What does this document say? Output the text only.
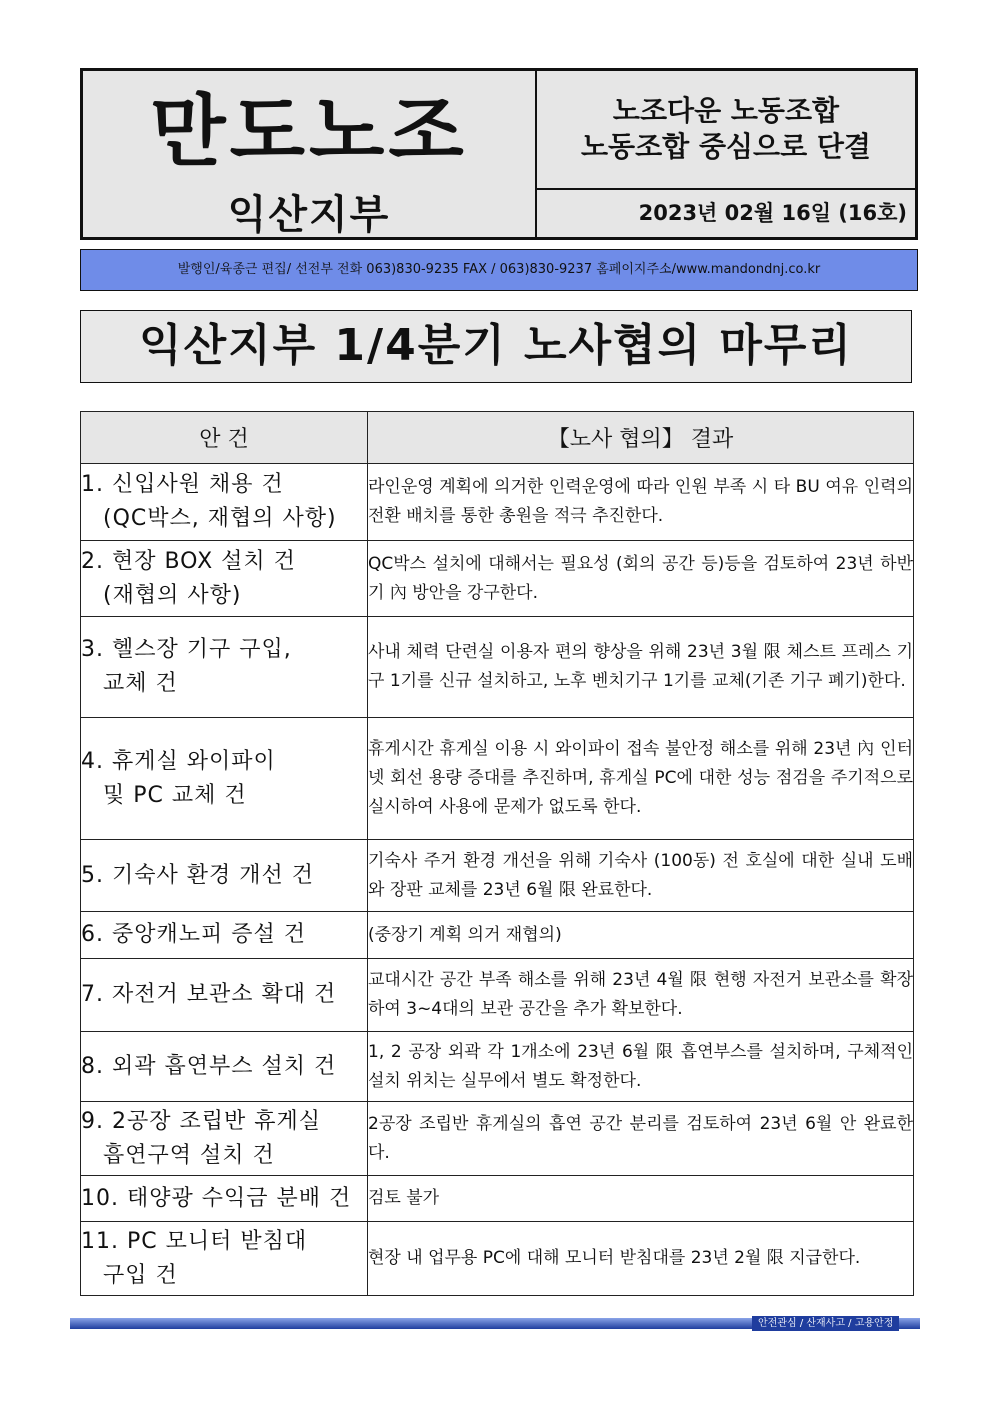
만도노조
익산지부
노조다운 노동조합
노동조합 중심으로 단결
2023년 02월 16일 (16호)
발행인/육종근 편집/ 선전부 전화 063)830-9235 FAX / 063)830-9237 홈페이지주소/www.mandondnj.co.kr
익산지부 1/4분기 노사협의 마무리
안 건	【노사 협의】 결과

1. 신입사원 채용 건
(QC박스, 재협의 사항)	라인운영 계획에 의거한 인력운영에 따라 인원 부족 시 타 BU 여유 인력의 전환 배치를 통한 총원을 적극 추진한다.

2. 현장 BOX 설치 건
(재협의 사항)	QC박스 설치에 대해서는 필요성 (회의 공간 등)등을 검토하여 23년 하반기 內 방안을 강구한다.

3. 헬스장 기구 구입,
교체 건	사내 체력 단련실 이용자 편의 향상을 위해 23년 3월 限 체스트 프레스 기구 1기를 신규 설치하고, 노후 벤치기구 1기를 교체(기존 기구 폐기)한다.

4. 휴게실 와이파이
및 PC 교체 건	휴게시간 휴게실 이용 시 와이파이 접속 불안정 해소를 위해 23년 內 인터넷 회선 용량 증대를 추진하며, 휴게실 PC에 대한 성능 점검을 주기적으로 실시하여 사용에 문제가 없도록 한다.

5. 기숙사 환경 개선 건	기숙사 주거 환경 개선을 위해 기숙사 (100동) 전 호실에 대한 실내 도배와 장판 교체를 23년 6월 限 완료한다.

6. 중앙캐노피 증설 건	(중장기 계획 의거 재협의)

7. 자전거 보관소 확대 건	교대시간 공간 부족 해소를 위해 23년 4월 限 현행 자전거 보관소를 확장하여 3~4대의 보관 공간을 추가 확보한다.

8. 외곽 흡연부스 설치 건	1, 2 공장 외곽 각 1개소에 23년 6월 限 흡연부스를 설치하며, 구체적인 설치 위치는 실무에서 별도 확정한다.

9. 2공장 조립반 휴게실
흡연구역 설치 건	2공장 조립반 휴게실의 흡연 공간 분리를 검토하여 23년 6월 안 완료한다.

10. 태양광 수익금 분배 건	검토 불가

11. PC 모니터 받침대
구입 건	현장 내 업무용 PC에 대해 모니터 받침대를 23년 2월 限 지급한다.
안전관심 / 산재사고 / 고용안정
